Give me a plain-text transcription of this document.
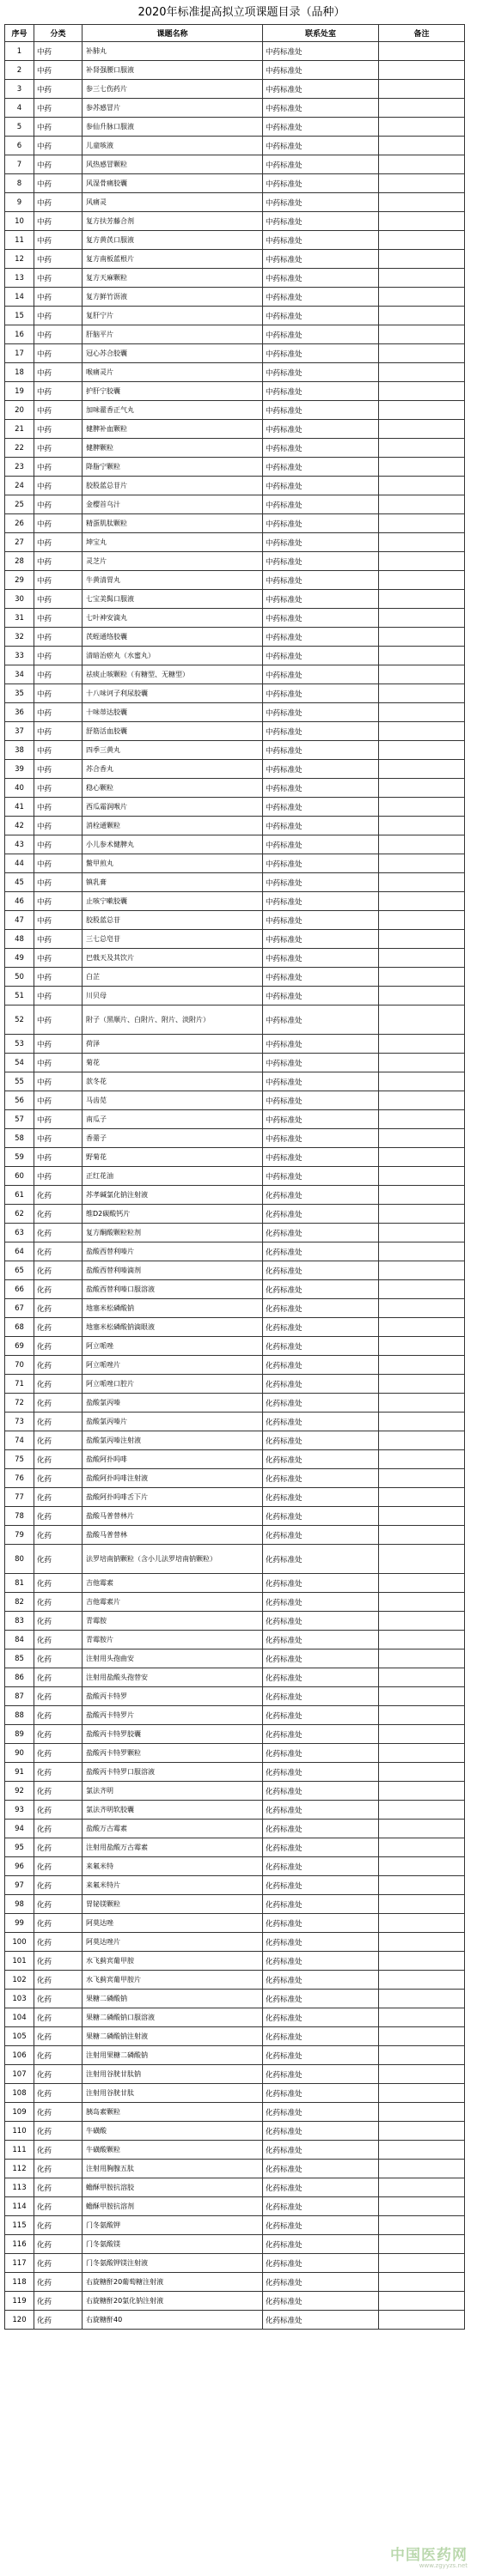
2020年标准提高拟立项课题目录（品种）
序号	分类	课题名称	联系处室	备注
1	中药	补肺丸	中药标准处	
2	中药	补肾强腰口服液	中药标准处	
3	中药	参三七伤药片	中药标准处	
4	中药	参苏感冒片	中药标准处	
5	中药	参仙升脉口服液	中药标准处	
6	中药	儿童咳液	中药标准处	
7	中药	风热感冒颗粒	中药标准处	
8	中药	风湿骨痛胶囊	中药标准处	
9	中药	风痛灵	中药标准处	
10	中药	复方扶芳藤合剂	中药标准处	
11	中药	复方黄芪口服液	中药标准处	
12	中药	复方南板蓝根片	中药标准处	
13	中药	复方天麻颗粒	中药标准处	
14	中药	复方鲜竹沥液	中药标准处	
15	中药	复肝宁片	中药标准处	
16	中药	肝脑平片	中药标准处	
17	中药	冠心苏合胶囊	中药标准处	
18	中药	喉痛灵片	中药标准处	
19	中药	护肝宁胶囊	中药标准处	
20	中药	加味藿香正气丸	中药标准处	
21	中药	健脾补血颗粒	中药标准处	
22	中药	健脾颗粒	中药标准处	
23	中药	降脂宁颗粒	中药标准处	
24	中药	胶股蓝总苷片	中药标准处	
25	中药	金樱首乌汁	中药标准处	
26	中药	精蛋肌肽颗粒	中药标准处	
27	中药	坤宝丸	中药标准处	
28	中药	灵芝片	中药标准处	
29	中药	牛黄清胃丸	中药标准处	
30	中药	七宝美髯口服液	中药标准处	
31	中药	七叶神安滴丸	中药标准处	
32	中药	芪蛭通络胶囊	中药标准处	
33	中药	清暗治瘀丸（水蜜丸）	中药标准处	
34	中药	祛痰止咳颗粒（有糖型、无糖型）	中药标准处	
35	中药	十八味诃子利尿胶囊	中药标准处	
36	中药	十味蒂达胶囊	中药标准处	
37	中药	舒筋活血胶囊	中药标准处	
38	中药	四季三黄丸	中药标准处	
39	中药	苏合香丸	中药标准处	
40	中药	稳心颗粒	中药标准处	
41	中药	西瓜霜润喉片	中药标准处	
42	中药	消栓通颗粒	中药标准处	
43	中药	小儿参术健脾丸	中药标准处	
44	中药	鳖甲煎丸	中药标准处	
45	中药	镇乳膏	中药标准处	
46	中药	止咳宁嗽胶囊	中药标准处	
47	中药	胶股蓝总苷	中药标准处	
48	中药	三七总皂苷	中药标准处	
49	中药	巴戟天及其饮片	中药标准处	
50	中药	白芷	中药标准处	
51	中药	川贝母	中药标准处	
52	中药	附子（黑顺片、白附片、附片、淡附片）	中药标准处	
53	中药	荷泽	中药标准处	
54	中药	菊花	中药标准处	
55	中药	款冬花	中药标准处	
56	中药	马齿苋	中药标准处	
57	中药	南瓜子	中药标准处	
58	中药	香薷子	中药标准处	
59	中药	野菊花	中药标准处	
60	中药	正红花油	中药标准处	
61	化药	苏孝碱氯化钠注射液	化药标准处	
62	化药	维D2碳酸钙片	化药标准处	
63	化药	复方酮酸颗粒粒剂	化药标准处	
64	化药	盐酸西替利嗪片	化药标准处	
65	化药	盐酸西替利嗪滴剂	化药标准处	
66	化药	盐酸西替利嗪口服溶液	化药标准处	
67	化药	地塞米松磷酸钠	化药标准处	
68	化药	地塞米松磷酸钠滴眼液	化药标准处	
69	化药	阿立哌唑	化药标准处	
70	化药	阿立哌唑片	化药标准处	
71	化药	阿立哌唑口腔片	化药标准处	
72	化药	盐酸氯丙嗪	化药标准处	
73	化药	盐酸氯丙嗪片	化药标准处	
74	化药	盐酸氯丙嗪注射液	化药标准处	
75	化药	盐酸阿扑吗啡	化药标准处	
76	化药	盐酸阿扑吗啡注射液	化药标准处	
77	化药	盐酸阿扑吗啡舌下片	化药标准处	
78	化药	盐酸马普替林片	化药标准处	
79	化药	盐酸马普替林	化药标准处	
80	化药	法罗培南钠颗粒（含小儿法罗培南钠颗粒）	化药标准处	
81	化药	吉他霉素	化药标准处	
82	化药	吉他霉素片	化药标准处	
83	化药	青霉胺	化药标准处	
84	化药	青霉胺片	化药标准处	
85	化药	注射用头孢曲安	化药标准处	
86	化药	注射用盐酸头孢替安	化药标准处	
87	化药	盐酸丙卡特罗	化药标准处	
88	化药	盐酸丙卡特罗片	化药标准处	
89	化药	盐酸丙卡特罗胶囊	化药标准处	
90	化药	盐酸丙卡特罗颗粒	化药标准处	
91	化药	盐酸丙卡特罗口服溶液	化药标准处	
92	化药	氯法齐明	化药标准处	
93	化药	氯法齐明软胶囊	化药标准处	
94	化药	盐酸万古霉素	化药标准处	
95	化药	注射用盐酸万古霉素	化药标准处	
96	化药	来氟米特	化药标准处	
97	化药	来氟米特片	化药标准处	
98	化药	胃铋镁颗粒	化药标准处	
99	化药	阿莫达唑	化药标准处	
100	化药	阿莫达唑片	化药标准处	
101	化药	水飞蓟宾葡甲胺	化药标准处	
102	化药	水飞蓟宾葡甲胺片	化药标准处	
103	化药	果糖二磷酸钠	化药标准处	
104	化药	果糖二磷酸钠口服溶液	化药标准处	
105	化药	果糖二磷酸钠注射液	化药标准处	
106	化药	注射用果糖二磷酸钠	化药标准处	
107	化药	注射用谷胱甘肽钠	化药标准处	
108	化药	注射用谷胱甘肽	化药标准处	
109	化药	胰岛素颗粒	化药标准处	
110	化药	牛磺酸	化药标准处	
111	化药	牛磺酸颗粒	化药标准处	
112	化药	注射用胸腺五肽	化药标准处	
113	化药	蟾酥甲胺抗溶胶	化药标准处	
114	化药	蟾酥甲胺抗溶剂	化药标准处	
115	化药	门冬氨酸钾	化药标准处	
116	化药	门冬氨酸镁	化药标准处	
117	化药	门冬氨酸钾镁注射液	化药标准处	
118	化药	右旋糖酐20葡萄糖注射液	化药标准处	
119	化药	右旋糖酐20氯化钠注射液	化药标准处	
120	化药	右旋糖酐40	化药标准处	
中国医药网
www.zgyyzs.net
